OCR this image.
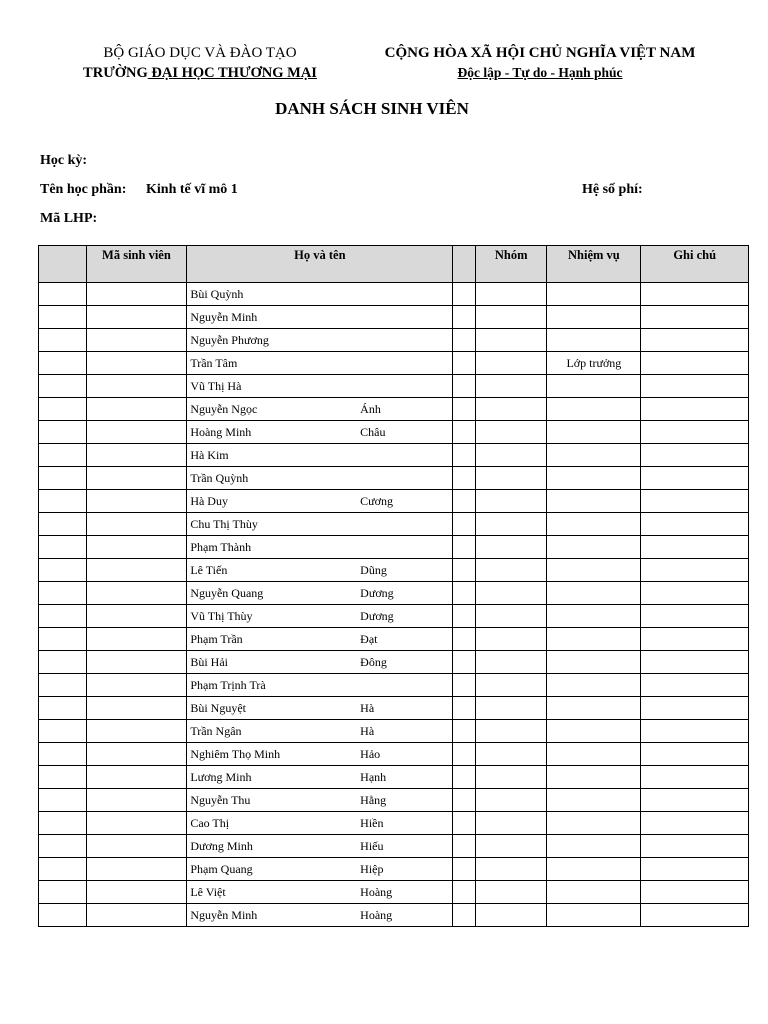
BỘ GIÁO DỤC VÀ ĐÀO TẠO
TRƯỜNG ĐẠI HỌC THƯƠNG MẠI
CỘNG HÒA XÃ HỘI CHỦ NGHĨA VIỆT NAM
Độc lập - Tự do - Hạnh phúc
DANH SÁCH SINH VIÊN
Học kỳ:
Tên học phần: Kinh tế vĩ mô 1	Hệ số phí:
Mã LHP:
	Mã sinh viên	Họ và tên			Nhóm	Nhiệm vụ	Ghi chú
		Bùi Quỳnh					
		Nguyễn Minh					
		Nguyễn Phương					
		Trần Tâm				Lớp trưởng	
		Vũ Thị Hà					
		Nguyễn Ngọc	Ánh				
		Hoàng Minh	Châu				
		Hà Kim					
		Trần Quỳnh					
		Hà Duy	Cương				
		Chu Thị Thùy					
		Phạm Thành					
		Lê Tiến	Dũng				
		Nguyễn Quang	Dương				
		Vũ Thị Thùy	Dương				
		Phạm Trần	Đạt				
		Bùi Hải	Đông				
		Phạm Trịnh Trà					
		Bùi Nguyệt	Hà				
		Trần Ngân	Hà				
		Nghiêm Thọ Minh	Hảo				
		Lương Minh	Hạnh				
		Nguyễn Thu	Hằng				
		Cao Thị	Hiền				
		Dương Minh	Hiếu				
		Phạm Quang	Hiệp				
		Lê Việt	Hoàng				
		Nguyễn Minh	Hoàng				
